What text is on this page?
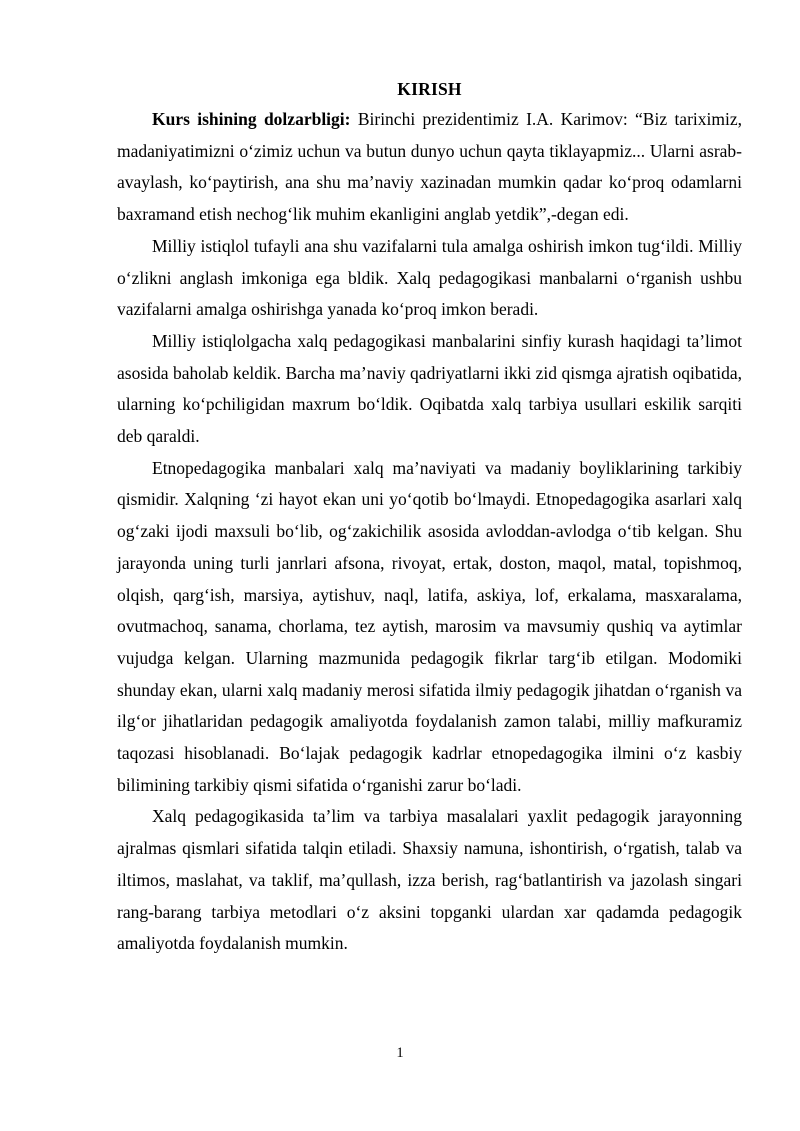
KIRISH

Kurs ishining dolzarbligi: Birinchi prezidentimiz I.A. Karimov: “Biz tariximiz, madaniyatimizni o‘zimiz uchun va butun dunyo uchun qayta tiklayapmiz... Ularni asrab-avaylash, ko‘paytirish, ana shu ma’naviy xazinadan mumkin qadar ko‘proq odamlarni baxramand etish nechog‘lik muhim ekanligini anglab yetdik”,-degan edi.

Milliy istiqlol tufayli ana shu vazifalarni tula amalga oshirish imkon tug‘ildi. Milliy o‘zlikni anglash imkoniga ega bldik. Xalq pedagogikasi manbalarni o‘rganish ushbu vazifalarni amalga oshirishga yanada ko‘proq imkon beradi.

Milliy istiqlolgacha xalq pedagogikasi manbalarini sinfiy kurash haqidagi ta’limot asosida baholab keldik. Barcha ma’naviy qadriyatlarni ikki zid qismga ajratish oqibatida, ularning ko‘pchiligidan maxrum bo‘ldik. Oqibatda xalq tarbiya usullari eskilik sarqiti deb qaraldi.

Etnopedagogika manbalari xalq ma’naviyati va madaniy boyliklarining tarkibiy qismidir. Xalqning ‘zi hayot ekan uni yo‘qotib bo‘lmaydi. Etnopedagogika asarlari xalq og‘zaki ijodi maxsuli bo‘lib, og‘zakichilik asosida avloddan-avlodga o‘tib kelgan. Shu jarayonda uning turli janrlari afsona, rivoyat, ertak, doston, maqol, matal, topishmoq, olqish, qarg‘ish, marsiya, aytishuv, naql, latifa, askiya, lof, erkalama, masxaralama, ovutmachoq, sanama, chorlama, tez aytish, marosim va mavsumiy qushiq va aytimlar vujudga kelgan. Ularning mazmunida pedagogik fikrlar targ‘ib etilgan. Modomiki shunday ekan, ularni xalq madaniy merosi sifatida ilmiy pedagogik jihatdan o‘rganish va ilg‘or jihatlaridan pedagogik amaliyotda foydalanish zamon talabi, milliy mafkuramiz taqozasi hisoblanadi. Bo‘lajak pedagogik kadrlar etnopedagogika ilmini o‘z kasbiy bilimining tarkibiy qismi sifatida o‘rganishi zarur bo‘ladi.

Xalq pedagogikasida ta’lim va tarbiya masalalari yaxlit pedagogik jarayonning ajralmas qismlari sifatida talqin etiladi. Shaxsiy namuna, ishontirish, o‘rgatish, talab va iltimos, maslahat, va taklif, ma’qullash, izza berish, rag‘batlantirish va jazolash singari rang-barang tarbiya metodlari o‘z aksini topganki ulardan xar qadamda pedagogik amaliyotda foydalanish mumkin.

1
